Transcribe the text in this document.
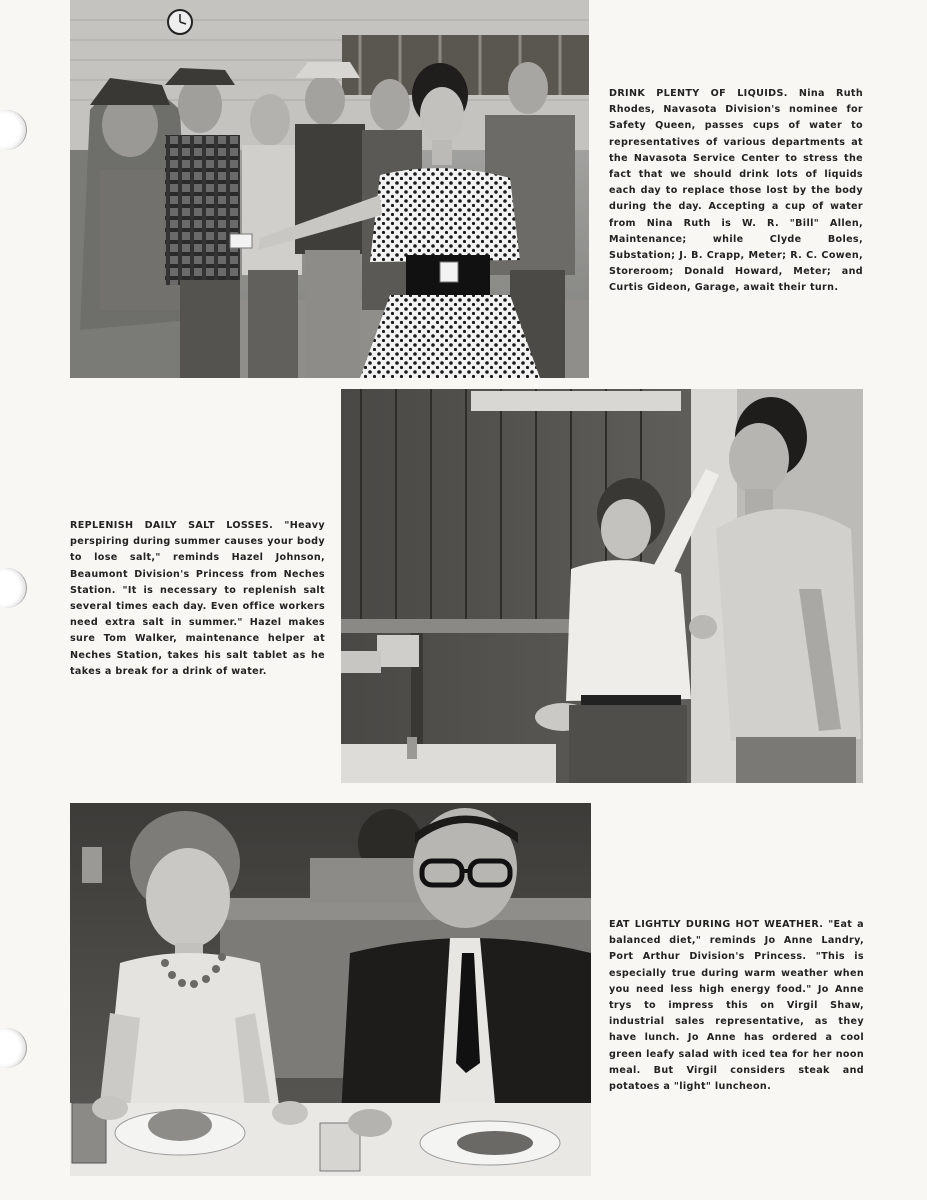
DRINK PLENTY OF LIQUIDS. Nina Ruth Rhodes, Navasota Division's nominee for Safety Queen, passes cups of water to representatives of various departments at the Navasota Service Center to stress the fact that we should drink lots of liquids each day to replace those lost by the body during the day. Accepting a cup of water from Nina Ruth is W. R. "Bill" Allen, Maintenance; while Clyde Boles, Substation; J. B. Crapp, Meter; R. C. Cowen, Storeroom; Donald Howard, Meter; and Curtis Gideon, Garage, await their turn.
REPLENISH DAILY SALT LOSSES. "Heavy perspiring during summer causes your body to lose salt," reminds Hazel Johnson, Beaumont Division's Princess from Neches Station. "It is necessary to replenish salt several times each day. Even office workers need extra salt in summer." Hazel makes sure Tom Walker, maintenance helper at Neches Station, takes his salt tablet as he takes a break for a drink of water.
EAT LIGHTLY DURING HOT WEATHER. "Eat a balanced diet," reminds Jo Anne Landry, Port Arthur Division's Princess. "This is especially true during warm weather when you need less high energy food." Jo Anne trys to impress this on Virgil Shaw, industrial sales representative, as they have lunch. Jo Anne has ordered a cool green leafy salad with iced tea for her noon meal. But Virgil considers steak and potatoes a "light" luncheon.
